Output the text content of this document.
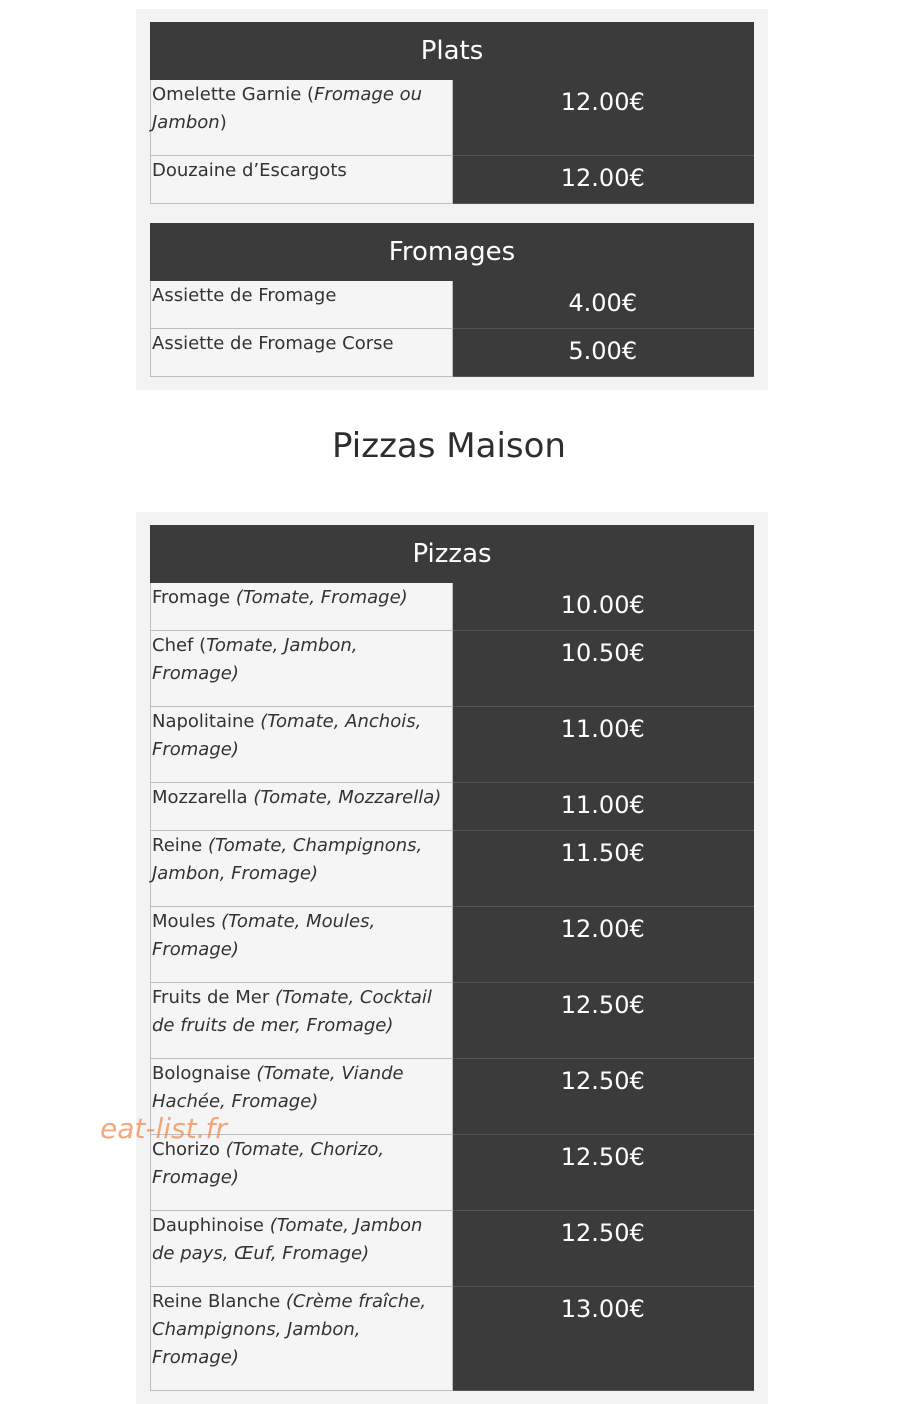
Plats	
Omelette Garnie (Fromage ou Jambon)	12.00€
Douzaine d’Escargots	12.00€
Fromages	
Assiette de Fromage	4.00€
Assiette de Fromage Corse	5.00€
Pizzas Maison
Pizzas	
Fromage (Tomate, Fromage)	10.00€
Chef (Tomate, Jambon, Fromage)	10.50€
Napolitaine (Tomate, Anchois, Fromage)	11.00€
Mozzarella (Tomate, Mozzarella)	11.00€
Reine (Tomate, Champignons, Jambon, Fromage)	11.50€
Moules (Tomate, Moules, Fromage)	12.00€
Fruits de Mer (Tomate, Cocktail de fruits de mer, Fromage)	12.50€
Bolognaise (Tomate, Viande Hachée, Fromage)	12.50€
Chorizo (Tomate, Chorizo, Fromage)	12.50€
Dauphinoise (Tomate, Jambon de pays, Œuf, Fromage)	12.50€
Reine Blanche (Crème fraîche, Champignons, Jambon, Fromage)	13.00€
eat-list.fr
